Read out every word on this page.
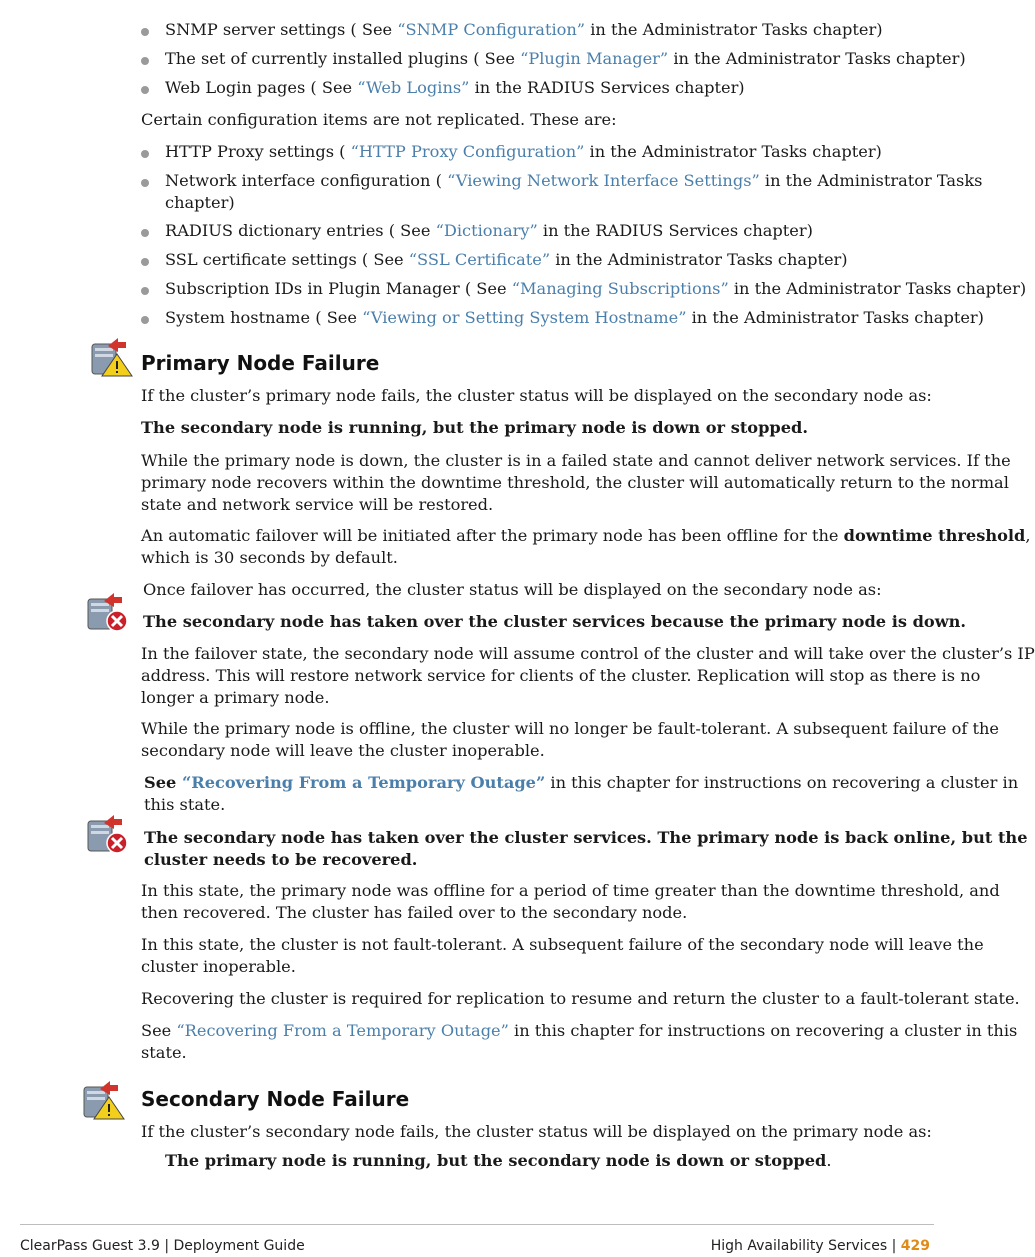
SNMP server settings ( See “SNMP Configuration” in the Administrator Tasks chapter)
The set of currently installed plugins ( See “Plugin Manager” in the Administrator Tasks chapter)
Web Login pages ( See “Web Logins” in the RADIUS Services chapter)
Certain configuration items are not replicated. These are:
HTTP Proxy settings ( “HTTP Proxy Configuration” in the Administrator Tasks chapter)
Network interface configuration ( “Viewing Network Interface Settings” in the Administrator Tasks
chapter)
RADIUS dictionary entries ( See “Dictionary” in the RADIUS Services chapter)
SSL certificate settings ( See “SSL Certificate” in the Administrator Tasks chapter)
Subscription IDs in Plugin Manager ( See “Managing Subscriptions” in the Administrator Tasks chapter)
System hostname ( See “Viewing or Setting System Hostname” in the Administrator Tasks chapter)
Primary Node Failure
If the cluster’s primary node fails, the cluster status will be displayed on the secondary node as:
The secondary node is running, but the primary node is down or stopped.
While the primary node is down, the cluster is in a failed state and cannot deliver network services. If the
primary node recovers within the downtime threshold, the cluster will automatically return to the normal
state and network service will be restored.
An automatic failover will be initiated after the primary node has been offline for the downtime threshold,
which is 30 seconds by default.
Once failover has occurred, the cluster status will be displayed on the secondary node as:
The secondary node has taken over the cluster services because the primary node is down.
In the failover state, the secondary node will assume control of the cluster and will take over the cluster’s IP
address. This will restore network service for clients of the cluster. Replication will stop as there is no
longer a primary node.
While the primary node is offline, the cluster will no longer be fault-tolerant. A subsequent failure of the
secondary node will leave the cluster inoperable.
See “Recovering From a Temporary Outage” in this chapter for instructions on recovering a cluster in
this state.
The secondary node has taken over the cluster services. The primary node is back online, but the
cluster needs to be recovered.
In this state, the primary node was offline for a period of time greater than the downtime threshold, and
then recovered. The cluster has failed over to the secondary node.
In this state, the cluster is not fault-tolerant. A subsequent failure of the secondary node will leave the
cluster inoperable.
Recovering the cluster is required for replication to resume and return the cluster to a fault-tolerant state.
See “Recovering From a Temporary Outage” in this chapter for instructions on recovering a cluster in this
state.
Secondary Node Failure
If the cluster’s secondary node fails, the cluster status will be displayed on the primary node as:
The primary node is running, but the secondary node is down or stopped.
ClearPass Guest 3.9 | Deployment Guide	High Availability Services | 429
